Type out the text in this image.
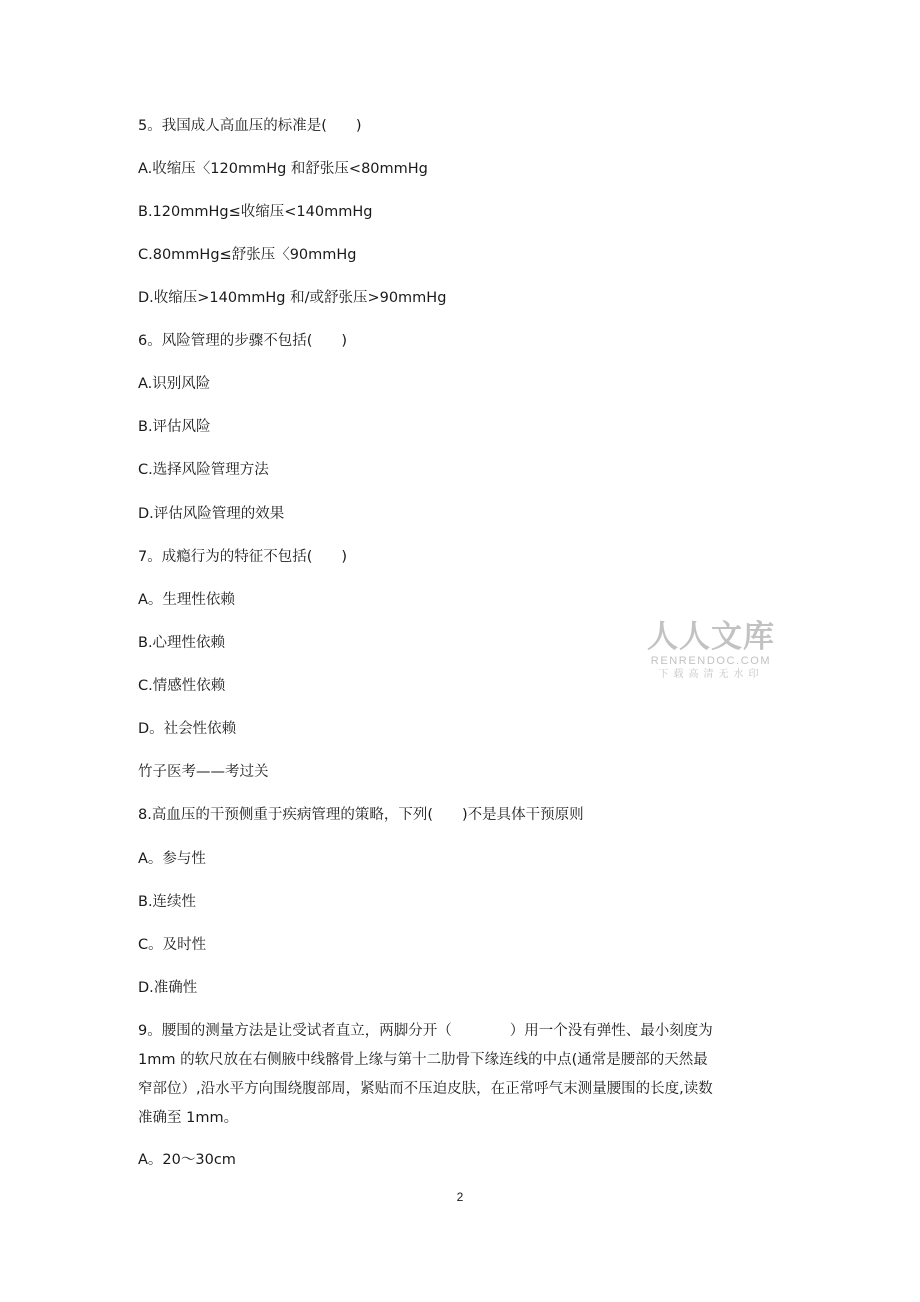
5。我国成人高血压的标准是(　　)
A.收缩压〈120mmHg 和舒张压<80mmHg
B.120mmHg≤收缩压<140mmHg
C.80mmHg≤舒张压〈90mmHg
D.收缩压>140mmHg 和/或舒张压>90mmHg
6。风险管理的步骤不包括(　　)
A.识别风险
B.评估风险
C.选择风险管理方法
D.评估风险管理的效果
7。成瘾行为的特征不包括(　　)
A。生理性依赖
B.心理性依赖
C.情感性依赖
D。社会性依赖
竹子医考——考过关
8.高血压的干预侧重于疾病管理的策略，下列(　　)不是具体干预原则
A。参与性
B.连续性
C。及时性
D.准确性
9。腰围的测量方法是让受试者直立，两脚分开（　　　　）用一个没有弹性、最小刻度为
1mm 的软尺放在右侧腋中线髂骨上缘与第十二肋骨下缘连线的中点(通常是腰部的天然最
窄部位）,沿水平方向围绕腹部周，紧贴而不压迫皮肤，在正常呼气末测量腰围的长度,读数
准确至 1mm。
A。20～30cm
人人文库
RENRENDOC.COM
下载高清无水印
2
